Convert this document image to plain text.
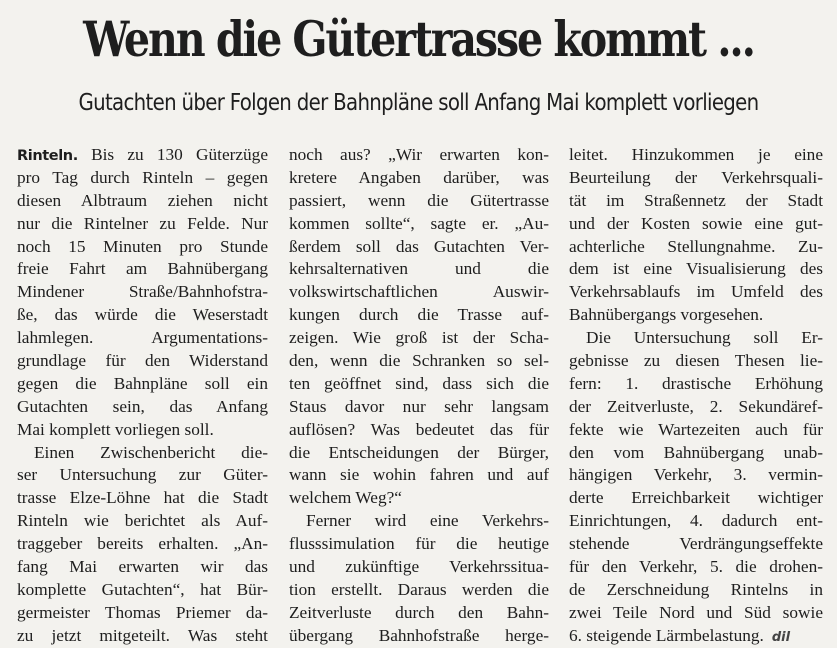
Wenn die Gütertrasse kommt ...
Gutachten über Folgen der Bahnpläne soll Anfang Mai komplett vorliegen
Rinteln. Bis zu 130 Güterzüge
pro Tag durch Rinteln – gegen
diesen Albtraum ziehen nicht
nur die Rintelner zu Felde. Nur
noch 15 Minuten pro Stunde
freie Fahrt am Bahnübergang
Mindener Straße/Bahnhofstra-
ße, das würde die Weserstadt
lahmlegen. Argumentations-
grundlage für den Widerstand
gegen die Bahnpläne soll ein
Gutachten sein, das Anfang
Mai komplett vorliegen soll.
Einen Zwischenbericht die-
ser Untersuchung zur Güter-
trasse Elze-Löhne hat die Stadt
Rinteln wie berichtet als Auf-
traggeber bereits erhalten. „An-
fang Mai erwarten wir das
komplette Gutachten“, hat Bür-
germeister Thomas Priemer da-
zu jetzt mitgeteilt. Was steht
noch aus? „Wir erwarten kon-
kretere Angaben darüber, was
passiert, wenn die Gütertrasse
kommen sollte“, sagte er. „Au-
ßerdem soll das Gutachten Ver-
kehrsalternativen und die
volkswirtschaftlichen Auswir-
kungen durch die Trasse auf-
zeigen. Wie groß ist der Scha-
den, wenn die Schranken so sel-
ten geöffnet sind, dass sich die
Staus davor nur sehr langsam
auflösen? Was bedeutet das für
die Entscheidungen der Bürger,
wann sie wohin fahren und auf
welchem Weg?“
Ferner wird eine Verkehrs-
flusssimulation für die heutige
und zukünftige Verkehrssitua-
tion erstellt. Daraus werden die
Zeitverluste durch den Bahn-
übergang Bahnhofstraße herge-
leitet. Hinzukommen je eine
Beurteilung der Verkehrsquali-
tät im Straßennetz der Stadt
und der Kosten sowie eine gut-
achterliche Stellungnahme. Zu-
dem ist eine Visualisierung des
Verkehrsablaufs im Umfeld des
Bahnübergangs vorgesehen.
Die Untersuchung soll Er-
gebnisse zu diesen Thesen lie-
fern: 1. drastische Erhöhung
der Zeitverluste, 2. Sekundäref-
fekte wie Wartezeiten auch für
den vom Bahnübergang unab-
hängigen Verkehr, 3. vermin-
derte Erreichbarkeit wichtiger
Einrichtungen, 4. dadurch ent-
stehende Verdrängungseffekte
für den Verkehr, 5. die drohen-
de Zerschneidung Rintelns in
zwei Teile Nord und Süd sowie
6. steigende Lärmbelastung. dil
